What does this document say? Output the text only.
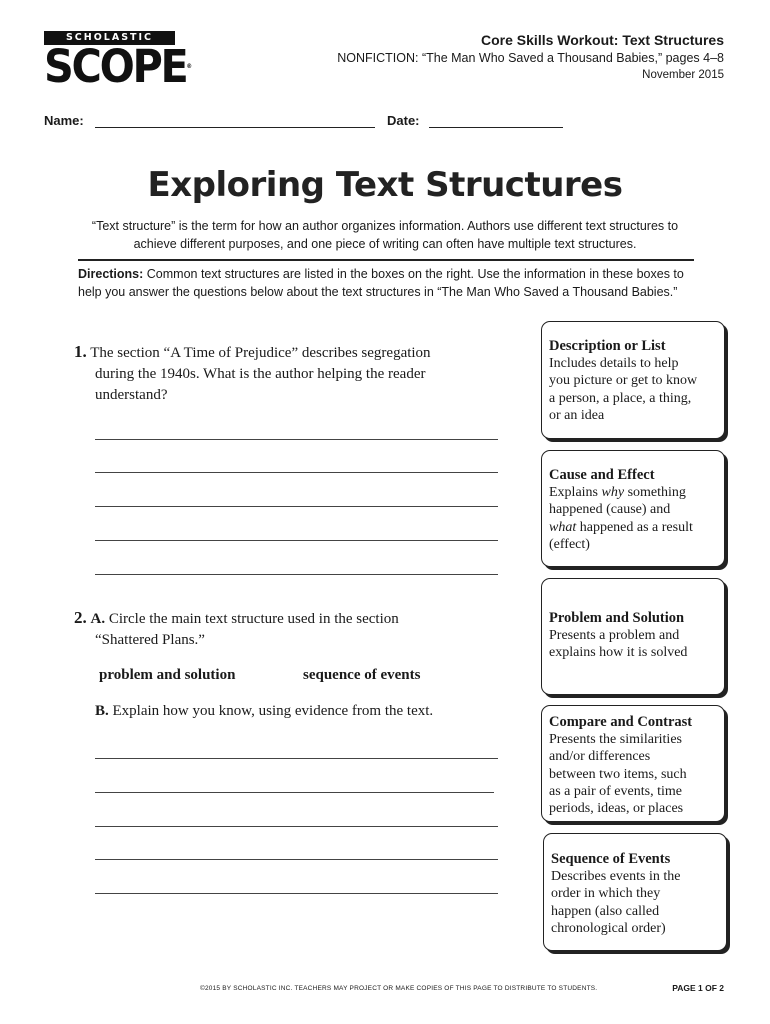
SCHOLASTIC
SCOPE®
Core Skills Workout: Text Structures
NONFICTION: “The Man Who Saved a Thousand Babies,” pages 4–8
November 2015
Name:	Date:
Exploring Text Structures
“Text structure” is the term for how an author organizes information. Authors use different text structures to achieve different purposes, and one piece of writing can often have multiple text structures.
Directions: Common text structures are listed in the boxes on the right. Use the information in these boxes to help you answer the questions below about the text structures in “The Man Who Saved a Thousand Babies.”
1. The section “A Time of Prejudice” describes segregation
during the 1940s. What is the author helping the reader
understand?
2. A. Circle the main text structure used in the section
“Shattered Plans.”
problem and solution	sequence of events
B. Explain how you know, using evidence from the text.
Description or List
Includes details to help
you picture or get to know
a person, a place, a thing,
or an idea
Cause and Effect
Explains why something
happened (cause) and
what happened as a result
(effect)
Problem and Solution
Presents a problem and
explains how it is solved
Compare and Contrast
Presents the similarities
and/or differences
between two items, such
as a pair of events, time
periods, ideas, or places
Sequence of Events
Describes events in the
order in which they
happen (also called
chronological order)
©2015 BY SCHOLASTIC INC. TEACHERS MAY PROJECT OR MAKE COPIES OF THIS PAGE TO DISTRIBUTE TO STUDENTS.	PAGE 1 OF 2
